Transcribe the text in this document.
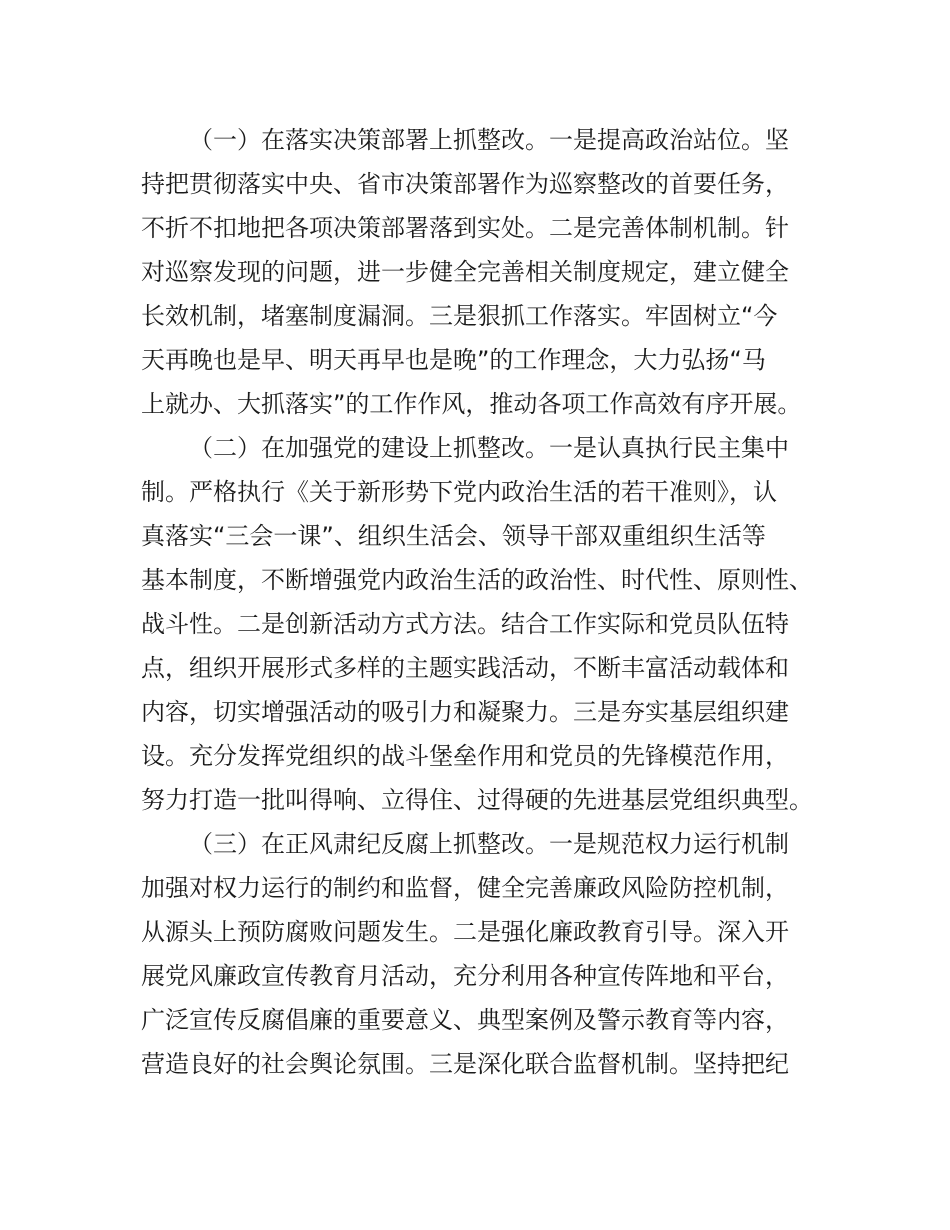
（一）在落实决策部署上抓整改。一是提高政治站位。坚
持把贯彻落实中央、省市决策部署作为巡察整改的首要任务，
不折不扣地把各项决策部署落到实处。二是完善体制机制。针
对巡察发现的问题，进一步健全完善相关制度规定，建立健全
长效机制，堵塞制度漏洞。三是狠抓工作落实。牢固树立“今
天再晚也是早、明天再早也是晚”的工作理念，大力弘扬“马
上就办、大抓落实”的工作作风，推动各项工作高效有序开展。
（二）在加强党的建设上抓整改。一是认真执行民主集中
制。严格执行《关于新形势下党内政治生活的若干准则》，认
真落实“三会一课”、组织生活会、领导干部双重组织生活等
基本制度，不断增强党内政治生活的政治性、时代性、原则性、
战斗性。二是创新活动方式方法。结合工作实际和党员队伍特
点，组织开展形式多样的主题实践活动，不断丰富活动载体和
内容，切实增强活动的吸引力和凝聚力。三是夯实基层组织建
设。充分发挥党组织的战斗堡垒作用和党员的先锋模范作用，
努力打造一批叫得响、立得住、过得硬的先进基层党组织典型。
（三）在正风肃纪反腐上抓整改。一是规范权力运行机制
加强对权力运行的制约和监督，健全完善廉政风险防控机制，
从源头上预防腐败问题发生。二是强化廉政教育引导。深入开
展党风廉政宣传教育月活动，充分利用各种宣传阵地和平台，
广泛宣传反腐倡廉的重要意义、典型案例及警示教育等内容，
营造良好的社会舆论氛围。三是深化联合监督机制。坚持把纪
